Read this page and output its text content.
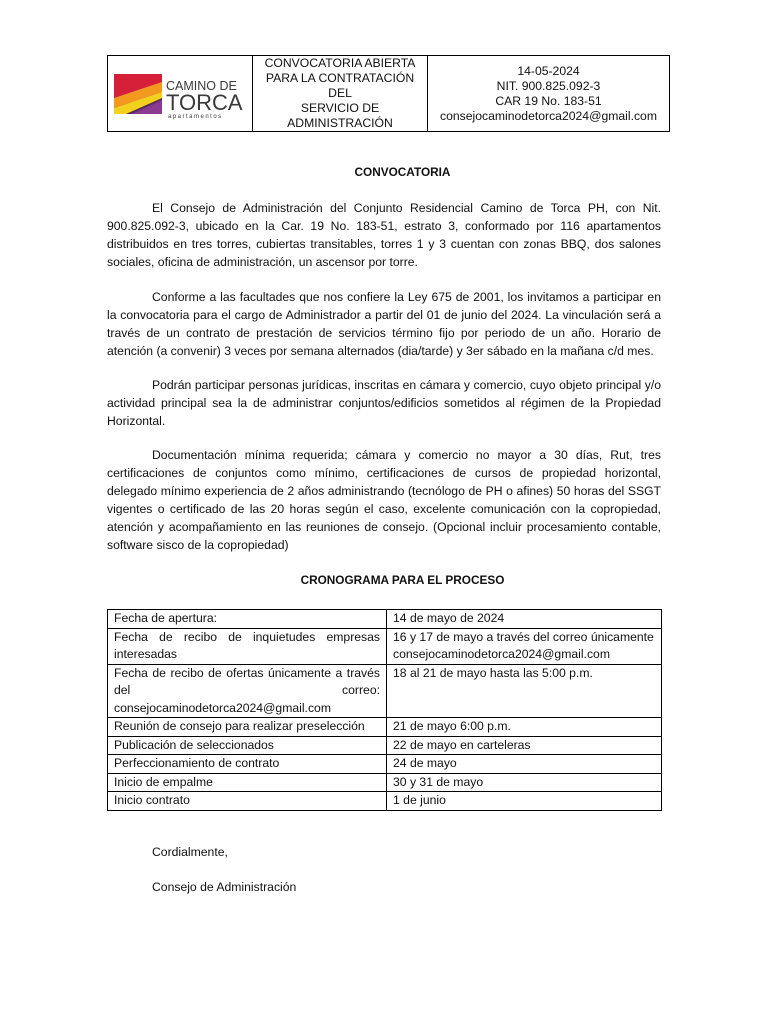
CAMINO DE
TORCA
apartamentos

CONVOCATORIA ABIERTA
PARA LA CONTRATACIÓN DEL
SERVICIO DE
ADMINISTRACIÓN

14-05-2024
NIT. 900.825.092-3
CAR 19 No. 183-51
consejocaminodetorca2024@gmail.com
CONVOCATORIA
El Consejo de Administración del Conjunto Residencial Camino de Torca PH, con Nit. 900.825.092-3, ubicado en la Car. 19 No. 183-51, estrato 3, conformado por 116 apartamentos distribuidos en tres torres, cubiertas transitables, torres 1 y 3 cuentan con zonas BBQ, dos salones sociales, oficina de administración, un ascensor por torre.
Conforme a las facultades que nos confiere la Ley 675 de 2001, los invitamos a participar en la convocatoria para el cargo de Administrador a partir del 01 de junio del 2024. La vinculación será a través de un contrato de prestación de servicios término fijo por periodo de un año. Horario de atención (a convenir) 3 veces por semana alternados (dia/tarde) y 3er sábado en la mañana c/d mes.
Podrán participar personas jurídicas, inscritas en cámara y comercio, cuyo objeto principal y/o actividad principal sea la de administrar conjuntos/edificios sometidos al régimen de la Propiedad Horizontal.
Documentación mínima requerida; cámara y comercio no mayor a 30 días, Rut, tres certificaciones de conjuntos como mínimo, certificaciones de cursos de propiedad horizontal, delegado mínimo experiencia de 2 años administrando (tecnólogo de PH o afines) 50 horas del SSGT vigentes o certificado de las 20 horas según el caso, excelente comunicación con la copropiedad, atención y acompañamiento en las reuniones de consejo. (Opcional incluir procesamiento contable, software sisco de la copropiedad)
CRONOGRAMA PARA EL PROCESO
Fecha de apertura:	14 de mayo de 2024
Fecha de recibo de inquietudes empresas interesadas	16 y 17 de mayo a través del correo únicamente consejocaminodetorca2024@gmail.com
Fecha de recibo de ofertas únicamente a través del correo: consejocaminodetorca2024@gmail.com	18 al 21 de mayo hasta las 5:00 p.m.
Reunión de consejo para realizar preselección	21 de mayo 6:00 p.m.
Publicación de seleccionados	22 de mayo en carteleras
Perfeccionamiento de contrato	24 de mayo
Inicio de empalme	30 y 31 de mayo
Inicio contrato	1 de junio
Cordialmente,
Consejo de Administración
